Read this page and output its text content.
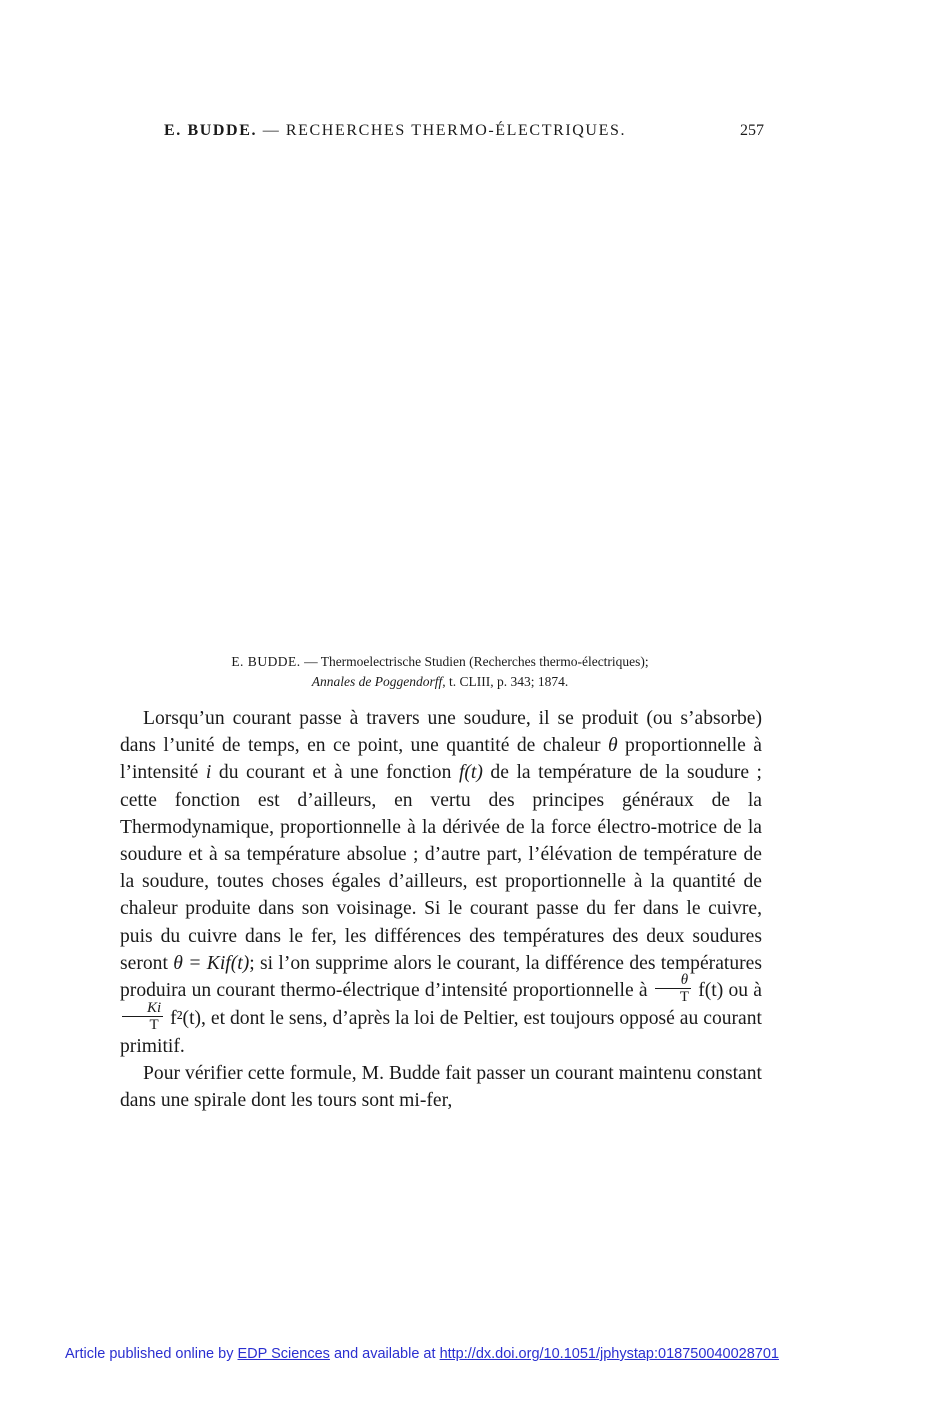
E. BUDDE. — RECHERCHES THERMO-ÉLECTRIQUES.	257
E. BUDDE. — Thermoelectrische Studien (Recherches thermo-électriques);
Annales de Poggendorff, t. CLIII, p. 343; 1874.

Lorsqu’un courant passe à travers une soudure, il se produit (ou s’absorbe) dans l’unité de temps, en ce point, une quantité de chaleur θ proportionnelle à l’intensité i du courant et à une fonction f(t) de la température de la soudure ; cette fonction est d’ailleurs, en vertu des principes généraux de la Thermodynamique, proportionnelle à la dérivée de la force électro-motrice de la soudure et à sa température absolue ; d’autre part, l’élévation de température de la soudure, toutes choses égales d’ailleurs, est proportionnelle à la quantité de chaleur produite dans son voisinage. Si le courant passe du fer dans le cuivre, puis du cuivre dans le fer, les différences des températures des deux soudures seront θ = Kif(t); si l’on supprime alors le courant, la différence des températures produira un courant thermo-électrique d’intensité proportionnelle à $\frac{\theta}{T} f(t)$ ou à
$\frac{Ki}{T} f^2(t)$, et dont le sens, d’après la loi de Peltier, est toujours opposé au courant primitif.

Pour vérifier cette formule, M. Budde fait passer un courant maintenu constant dans une spirale dont les tours sont mi-fer,

Article published online by EDP Sciences and available at http://dx.doi.org/10.1051/jphystap:018750040028701
